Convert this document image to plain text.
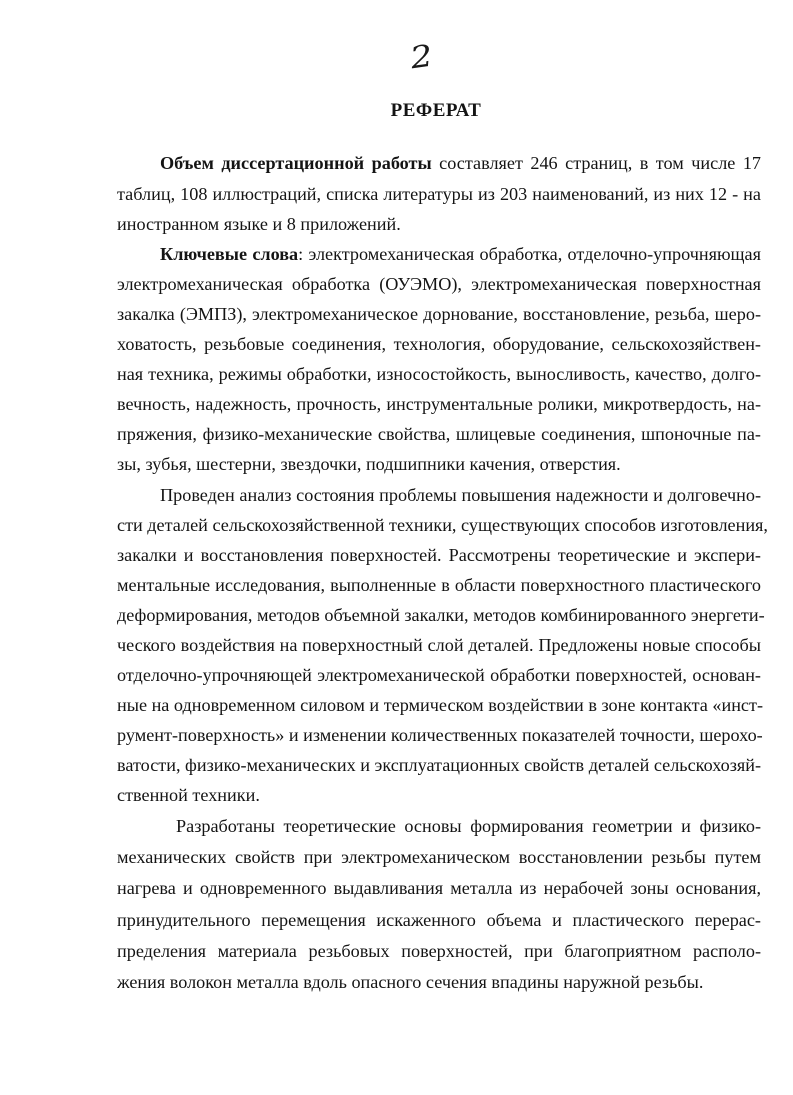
2
РЕФЕРАТ
Объем диссертационной работы составляет 246 страниц, в том числе 17
таблиц, 108 иллюстраций, списка литературы из 203 наименований, из них 12 - на
иностранном языке и 8 приложений.
Ключевые слова: электромеханическая обработка, отделочно-упрочняющая
электромеханическая обработка (ОУЭМО), электромеханическая поверхностная
закалка (ЭМПЗ), электромеханическое дорнование, восстановление, резьба, шеро-
ховатость, резьбовые соединения, технология, оборудование, сельскохозяйствен-
ная техника, режимы обработки, износостойкость, выносливость, качество, долго-
вечность, надежность, прочность, инструментальные ролики, микротвердость, на-
пряжения, физико-механические свойства, шлицевые соединения, шпоночные па-
зы, зубья, шестерни, звездочки, подшипники качения, отверстия.
Проведен анализ состояния проблемы повышения надежности и долговечно-
сти деталей сельскохозяйственной техники, существующих способов изготовления,
закалки и восстановления поверхностей. Рассмотрены теоретические и экспери-
ментальные исследования, выполненные в области поверхностного пластического
деформирования, методов объемной закалки, методов комбинированного энергети-
ческого воздействия на поверхностный слой деталей. Предложены новые способы
отделочно-упрочняющей электромеханической обработки поверхностей, основан-
ные на одновременном силовом и термическом воздействии в зоне контакта «инст-
румент-поверхность» и изменении количественных показателей точности, шерохо-
ватости, физико-механических и эксплуатационных свойств деталей сельскохозяй-
ственной техники.
Разработаны теоретические основы формирования геометрии и физико-
механических свойств при электромеханическом восстановлении резьбы путем
нагрева и одновременного выдавливания металла из нерабочей зоны основания,
принудительного перемещения искаженного объема и пластического перерас-
пределения материала резьбовых поверхностей, при благоприятном располо-
жения волокон металла вдоль опасного сечения впадины наружной резьбы.
